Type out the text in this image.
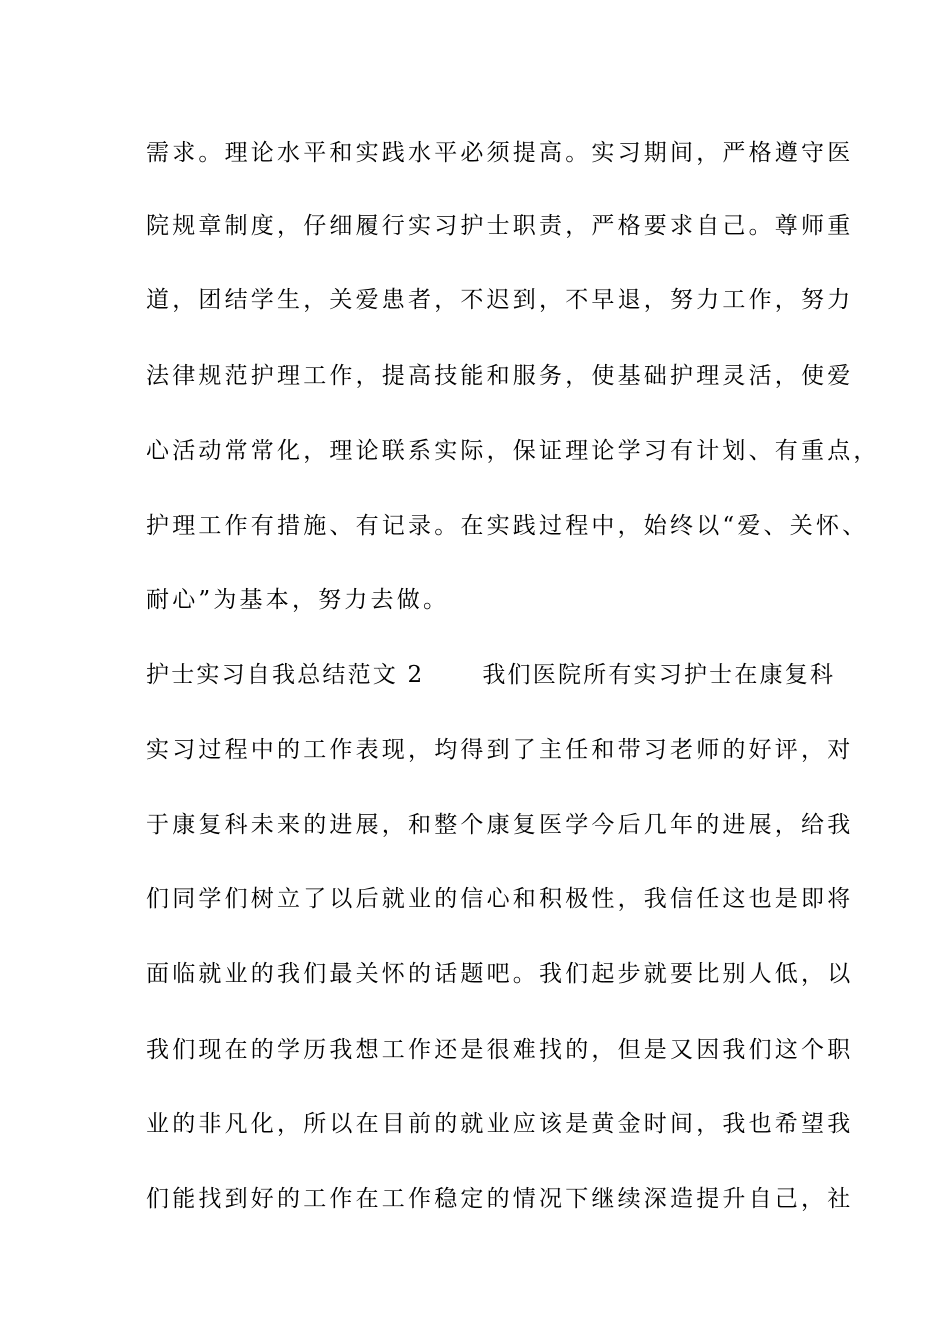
需求。理论水平和实践水平必须提高。实习期间，严格遵守医
院规章制度，仔细履行实习护士职责，严格要求自己。尊师重
道，团结学生，关爱患者，不迟到，不早退，努力工作，努力
法律规范护理工作，提高技能和服务，使基础护理灵活，使爱
心活动常常化，理论联系实际，保证理论学习有计划、有重点，
护理工作有措施、有记录。在实践过程中，始终以“爱、关怀、
耐心”为基本，努力去做。
护士实习自我总结范文 2	我们医院所有实习护士在康复科
实习过程中的工作表现，均得到了主任和带习老师的好评，对
于康复科未来的进展，和整个康复医学今后几年的进展，给我
们同学们树立了以后就业的信心和积极性，我信任这也是即将
面临就业的我们最关怀的话题吧。我们起步就要比别人低，以
我们现在的学历我想工作还是很难找的，但是又因我们这个职
业的非凡化，所以在目前的就业应该是黄金时间，我也希望我
们能找到好的工作在工作稳定的情况下继续深造提升自己，社
